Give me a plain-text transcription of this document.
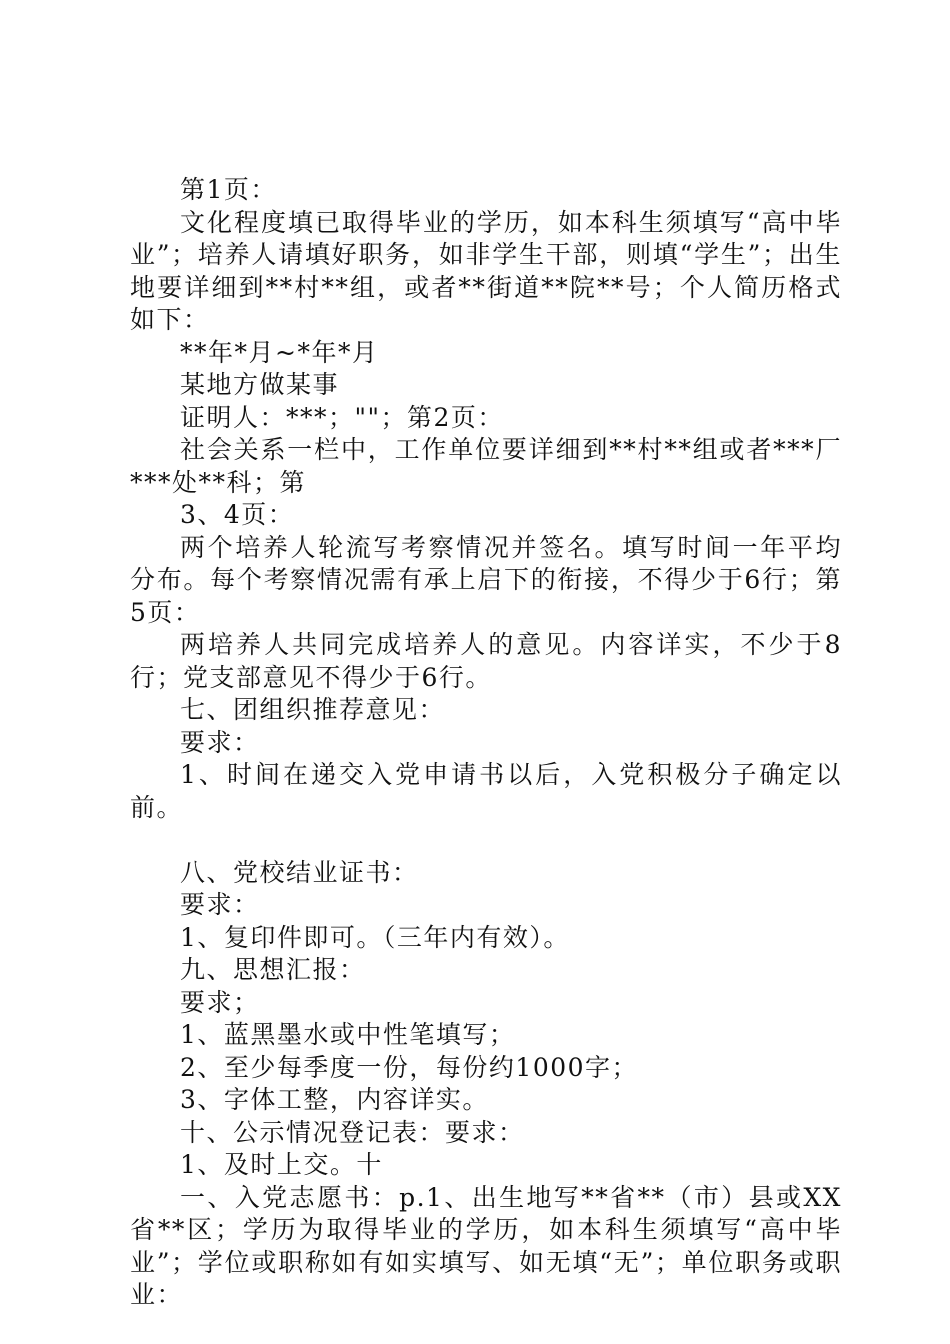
第1页：

文化程度填已取得毕业的学历，如本科生须填写“高中毕业”；培养人请填好职务，如非学生干部，则填“学生”；出生地要详细到**村**组，或者**街道**院**号；个人简历格式如下：

**年*月~*年*月

某地方做某事

证明人：***；""；第2页：

社会关系一栏中，工作单位要详细到**村**组或者***厂***处**科；第

3、4页：

两个培养人轮流写考察情况并签名。填写时间一年平均分布。每个考察情况需有承上启下的衔接，不得少于6行；第5页：

两培养人共同完成培养人的意见。内容详实，不少于8行；党支部意见不得少于6行。

七、团组织推荐意见：

要求：

1、时间在递交入党申请书以后，入党积极分子确定以前。

八、党校结业证书：

要求：

1、复印件即可。（三年内有效）。

九、思想汇报：

要求；

1、蓝黑墨水或中性笔填写；

2、至少每季度一份，每份约1000字；

3、字体工整，内容详实。

十、公示情况登记表：要求：

1、及时上交。十

一、入党志愿书：p.1、出生地写**省**（市）县或XX省**区；学历为取得毕业的学历，如本科生须填写“高中毕业”；学位或职称如有如实填写、如无填“无”；单位职务或职业：
